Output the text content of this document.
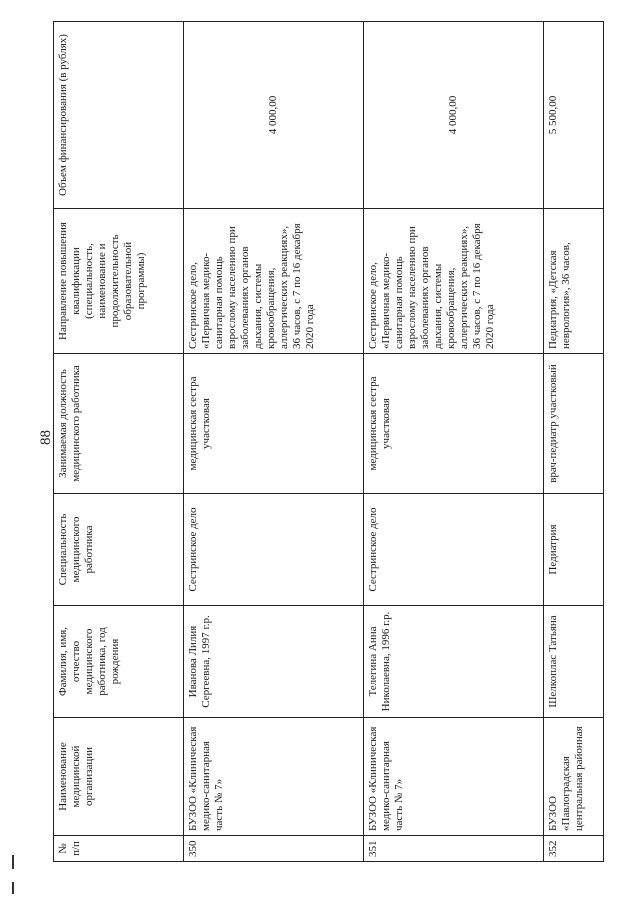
88
№ п/п	Наименование медицинской организации	Фамилия, имя, отчество медицинского работника, год рождения	Специальность медицинского работника	Занимаемая должность медицинского работника	Направление повышения квалификации (специальность, наименование и продолжительность образовательной программы)	Объем финансирования (в рублях)
350	БУЗОО «Клиническая медико-санитарная часть № 7»	Иванова Лилия Сергеевна, 1997 г.р.	Сестринское дело	медицинская сестра участковая	Сестринское дело, «Первичная медико-санитарная помощь взрослому населению при заболеваниях органов дыхания, системы кровообращения, аллергических реакциях», 36 часов, с 7 по 16 декабря 2020 года	4 000,00
351	БУЗОО «Клиническая медико-санитарная часть № 7»	Телегина Анна Николаевна, 1996 г.р.	Сестринское дело	медицинская сестра участковая	Сестринское дело, «Первичная медико-санитарная помощь взрослому населению при заболеваниях органов дыхания, системы кровообращения, аллергических реакциях», 36 часов, с 7 по 16 декабря 2020 года	4 000,00
352	БУЗОО «Павлоградская центральная районная	Шелкоплас Татьяна	Педиатрия	врач-педиатр участковый	Педиатрия, «Детская неврология», 36 часов,	5 500,00
